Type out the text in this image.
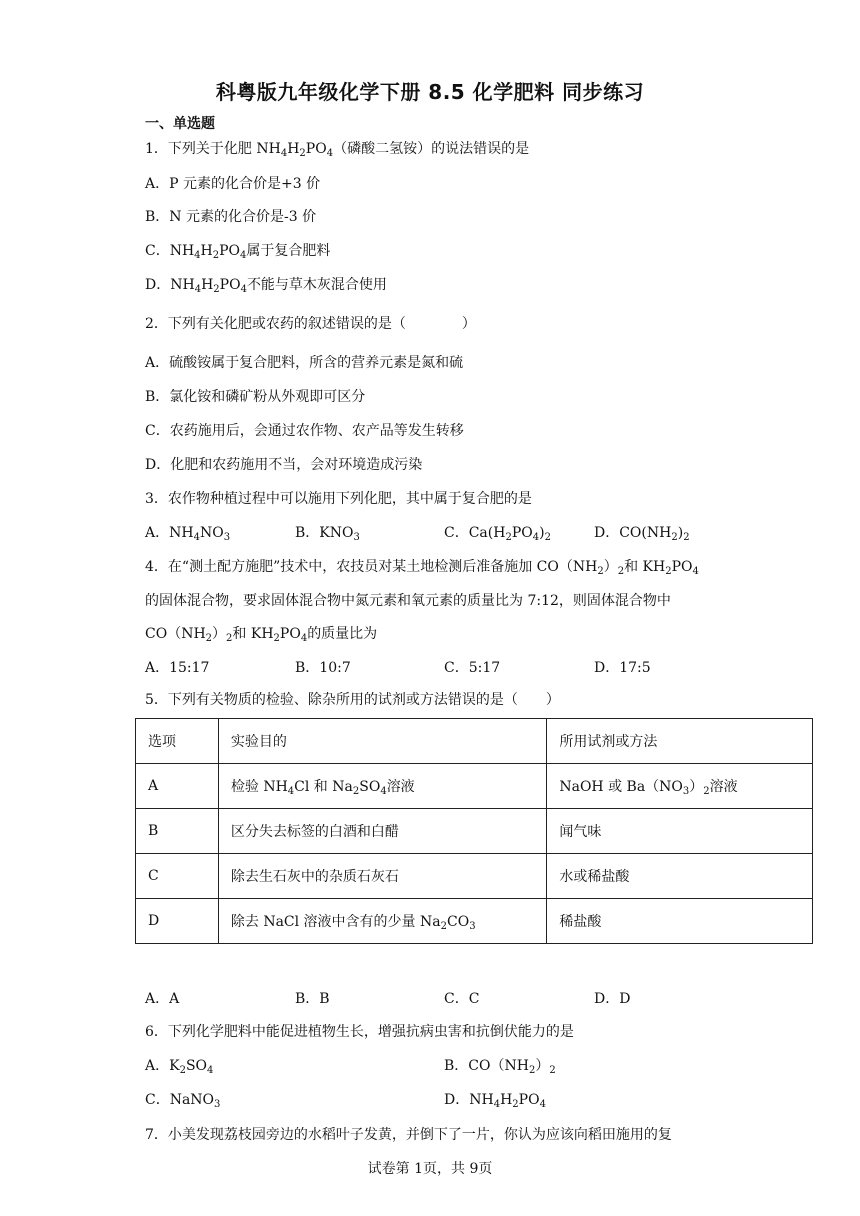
科粤版九年级化学下册 8.5 化学肥料 同步练习
一、单选题
1．下列关于化肥 $NH_4H_2PO_4$（磷酸二氢铵）的说法错误的是
A．P 元素的化合价是+3 价
B．N 元素的化合价是-3 价
C．$NH_4H_2PO_4$属于复合肥料
D．$NH_4H_2PO_4$不能与草木灰混合使用
2．下列有关化肥或农药的叙述错误的是（　　　　）
A．硫酸铵属于复合肥料，所含的营养元素是氮和硫
B．氯化铵和磷矿粉从外观即可区分
C．农药施用后，会通过农作物、农产品等发生转移
D．化肥和农药施用不当，会对环境造成污染
3．农作物种植过程中可以施用下列化肥，其中属于复合肥的是
A．$NH_4NO_3$	B．$KNO_3$	C．$Ca(H_2PO_4)_2$	D．$CO(NH_2)_2$
4．在“测土配方施肥”技术中，农技员对某土地检测后准备施加 $CO(NH_2)_2$和 $KH_2PO_4$
的固体混合物，要求固体混合物中氮元素和氧元素的质量比为 7:12，则固体混合物中
$CO(NH_2)_2$和 $KH_2PO_4$的质量比为
A．15:17	B．10:7	C．5:17	D．17:5
5．下列有关物质的检验、除杂所用的试剂或方法错误的是（　　）
选项	实验目的	所用试剂或方法
A	检验 $NH_4Cl$ 和 $Na_2SO_4$溶液	NaOH 或 $Ba(NO_3)_2$溶液
B	区分失去标签的白酒和白醋	闻气味
C	除去生石灰中的杂质石灰石	水或稀盐酸
D	除去 NaCl 溶液中含有的少量 $Na_2CO_3$	稀盐酸
A．A	B．B	C．C	D．D
6．下列化学肥料中能促进植物生长，增强抗病虫害和抗倒伏能力的是
A．$K_2SO_4$	B．$CO(NH_2)_2$
C．NaNO$_3$	D．$NH_4H_2PO_4$
7．小美发现荔枝园旁边的水稻叶子发黄，并倒下了一片，你认为应该向稻田施用的复
试卷第 1页，共 9页
